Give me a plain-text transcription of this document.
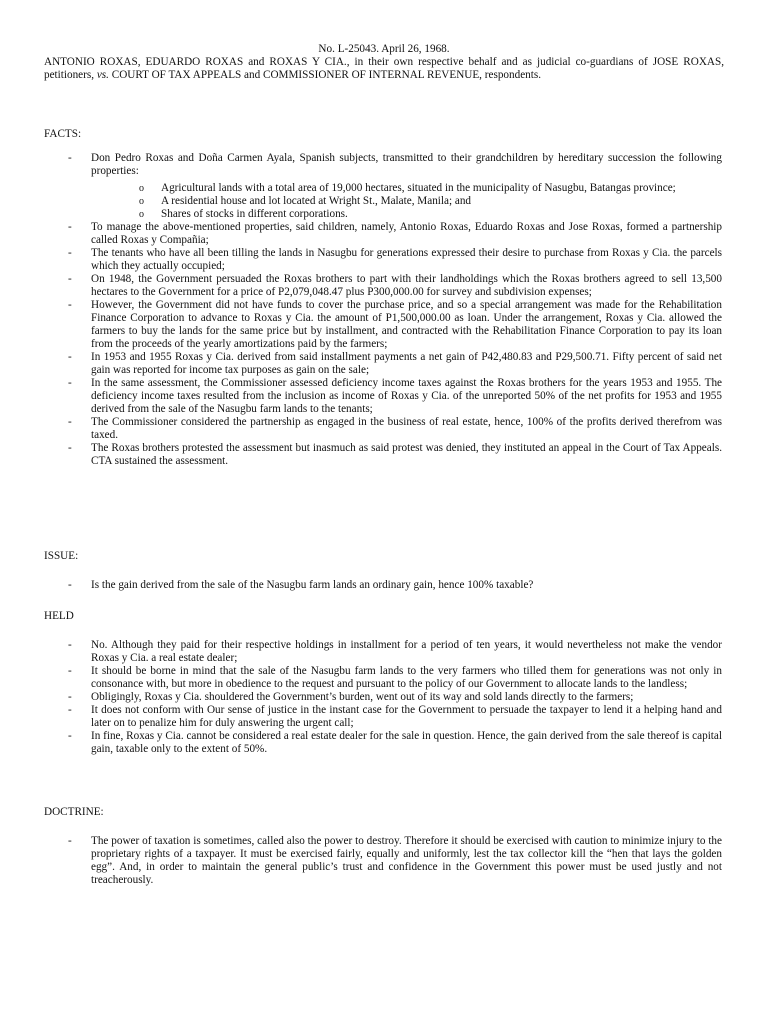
No. L-25043. April 26, 1968.
ANTONIO ROXAS, EDUARDO ROXAS and ROXAS Y CIA., in their own respective behalf and as judicial co-guardians of JOSE ROXAS, petitioners, vs. COURT OF TAX APPEALS and COMMISSIONER OF INTERNAL REVENUE, respondents.
FACTS:
- Don Pedro Roxas and Doña Carmen Ayala, Spanish subjects, transmitted to their grandchildren by hereditary succession the following properties:
o Agricultural lands with a total area of 19,000 hectares, situated in the municipality of Nasugbu, Batangas province;
o A residential house and lot located at Wright St., Malate, Manila; and
o Shares of stocks in different corporations.
- To manage the above-mentioned properties, said children, namely, Antonio Roxas, Eduardo Roxas and Jose Roxas, formed a partnership called Roxas y Compañia;
- The tenants who have all been tilling the lands in Nasugbu for generations expressed their desire to purchase from Roxas y Cia. the parcels which they actually occupied;
- On 1948, the Government persuaded the Roxas brothers to part with their landholdings which the Roxas brothers agreed to sell 13,500 hectares to the Government for a price of P2,079,048.47 plus P300,000.00 for survey and subdivision expenses;
- However, the Government did not have funds to cover the purchase price, and so a special arrangement was made for the Rehabilitation Finance Corporation to advance to Roxas y Cia. the amount of P1,500,000.00 as loan. Under the arrangement, Roxas y Cia. allowed the farmers to buy the lands for the same price but by installment, and contracted with the Rehabilitation Finance Corporation to pay its loan from the proceeds of the yearly amortizations paid by the farmers;
- In 1953 and 1955 Roxas y Cia. derived from said installment payments a net gain of P42,480.83 and P29,500.71. Fifty percent of said net gain was reported for income tax purposes as gain on the sale;
- In the same assessment, the Commissioner assessed deficiency income taxes against the Roxas brothers for the years 1953 and 1955. The deficiency income taxes resulted from the inclusion as income of Roxas y Cia. of the unreported 50% of the net profits for 1953 and 1955 derived from the sale of the Nasugbu farm lands to the tenants;
- The Commissioner considered the partnership as engaged in the business of real estate, hence, 100% of the profits derived therefrom was taxed.
- The Roxas brothers protested the assessment but inasmuch as said protest was denied, they instituted an appeal in the Court of Tax Appeals. CTA sustained the assessment.
ISSUE:
- Is the gain derived from the sale of the Nasugbu farm lands an ordinary gain, hence 100% taxable?
HELD
- No. Although they paid for their respective holdings in installment for a period of ten years, it would nevertheless not make the vendor Roxas y Cia. a real estate dealer;
- It should be borne in mind that the sale of the Nasugbu farm lands to the very farmers who tilled them for generations was not only in consonance with, but more in obedience to the request and pursuant to the policy of our Government to allocate lands to the landless;
- Obligingly, Roxas y Cia. shouldered the Government’s burden, went out of its way and sold lands directly to the farmers;
- It does not conform with Our sense of justice in the instant case for the Government to persuade the taxpayer to lend it a helping hand and later on to penalize him for duly answering the urgent call;
- In fine, Roxas y Cia. cannot be considered a real estate dealer for the sale in question. Hence, the gain derived from the sale thereof is capital gain, taxable only to the extent of 50%.
DOCTRINE:
- The power of taxation is sometimes, called also the power to destroy. Therefore it should be exercised with caution to minimize injury to the proprietary rights of a taxpayer. It must be exercised fairly, equally and uniformly, lest the tax collector kill the “hen that lays the golden egg”. And, in order to maintain the general public’s trust and confidence in the Government this power must be used justly and not treacherously.
